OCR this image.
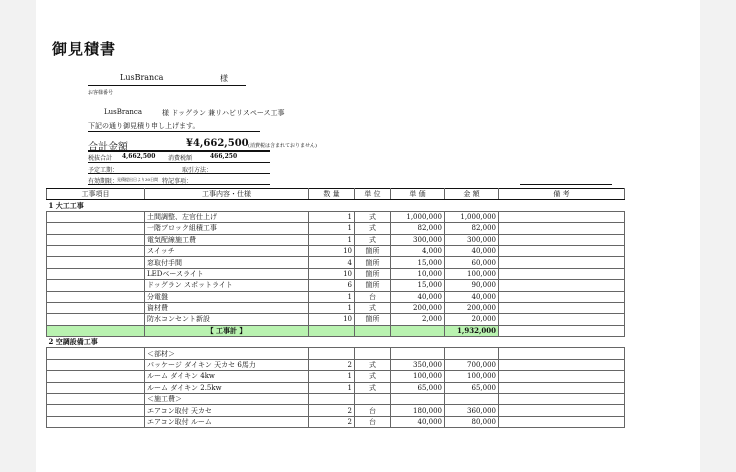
御見積書
LusBranca	様
お客様番号
LusBranca	様 ドッグラン 兼リハビリスペース工事
下記の通り御見積り申し上げます。
合計金額	¥4,662,500 (消費税は含まれておりません)
税抜合計 4,662,500 消費税額	466,250
予定工期：	取引方法：
有効期限：
見積提出日より30日間 特記事項：
工事項目	工事内容・仕様	数 量	単 位	単 価	金 額	備 考
1 大工工事						
	土間調整、左官仕上げ	1	式	1,000,000	1,000,000	
	一階ブロック組積工事	1	式	82,000	82,000	
	電気配線施工費	1	式	300,000	300,000	
	スイッチ	10	箇所	4,000	40,000	
	窓取付手間	4	箇所	15,000	60,000	
	LEDベースライト	10	箇所	10,000	100,000	
	ドッグラン スポットライト	6	箇所	15,000	90,000	
	分電盤	1	台	40,000	40,000	
	資材費	1	式	200,000	200,000	
	防水コンセント新設	10	箇所	2,000	20,000	
	【 工事計 】				1,932,000	
2 空調設備工事						
	＜部材＞					
	パッケージ ダイキン 天カセ 6馬力	2	式	350,000	700,000	
	ルーム ダイキン 4kw	1	式	100,000	100,000	
	ルーム ダイキン 2.5kw	1	式	65,000	65,000	
	＜施工費＞					
	エアコン取付 天カセ	2	台	180,000	360,000	
	エアコン取付 ルーム	2	台	40,000	80,000	
